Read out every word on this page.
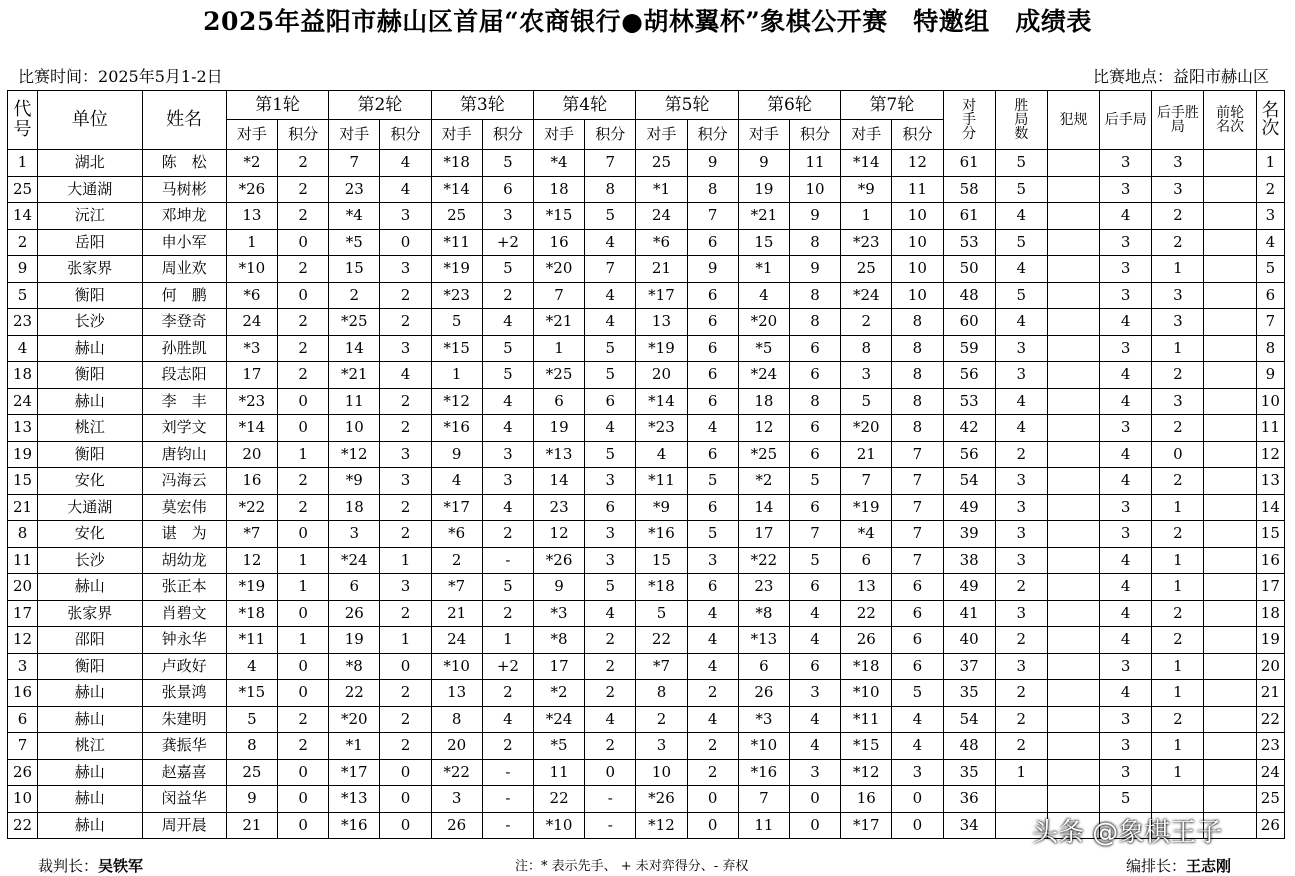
2025年益阳市赫山区首届“农商银行●胡林翼杯”象棋公开赛　特邀组　成绩表
比赛时间：2025年5月1-2日	比赛地点：益阳市赫山区
代
号	单位	姓名	第1轮		第2轮		第3轮		第4轮		第5轮		第6轮		第7轮		对
手
分	胜
局
数	犯规	后手局	后手胜
局	前轮
名次	名
次
			对手	积分	对手	积分	对手	积分	对手	积分	对手	积分	对手	积分	对手	积分							
1	湖北	陈　松	*2	2	7	4	*18	5	*4	7	25	9	9	11	*14	12	61	5		3	3		1
25	大通湖	马树彬	*26	2	23	4	*14	6	18	8	*1	8	19	10	*9	11	58	5		3	3		2
14	沅江	邓坤龙	13	2	*4	3	25	3	*15	5	24	7	*21	9	1	10	61	4		4	2		3
2	岳阳	申小军	1	0	*5	0	*11	+2	16	4	*6	6	15	8	*23	10	53	5		3	2		4
9	张家界	周业欢	*10	2	15	3	*19	5	*20	7	21	9	*1	9	25	10	50	4		3	1		5
5	衡阳	何　鹏	*6	0	2	2	*23	2	7	4	*17	6	4	8	*24	10	48	5		3	3		6
23	长沙	李登奇	24	2	*25	2	5	4	*21	4	13	6	*20	8	2	8	60	4		4	3		7
4	赫山	孙胜凯	*3	2	14	3	*15	5	1	5	*19	6	*5	6	8	8	59	3		3	1		8
18	衡阳	段志阳	17	2	*21	4	1	5	*25	5	20	6	*24	6	3	8	56	3		4	2		9
24	赫山	李　丰	*23	0	11	2	*12	4	6	6	*14	6	18	8	5	8	53	4		4	3		10
13	桃江	刘学文	*14	0	10	2	*16	4	19	4	*23	4	12	6	*20	8	42	4		3	2		11
19	衡阳	唐钧山	20	1	*12	3	9	3	*13	5	4	6	*25	6	21	7	56	2		4	0		12
15	安化	冯海云	16	2	*9	3	4	3	14	3	*11	5	*2	5	7	7	54	3		4	2		13
21	大通湖	莫宏伟	*22	2	18	2	*17	4	23	6	*9	6	14	6	*19	7	49	3		3	1		14
8	安化	谌　为	*7	0	3	2	*6	2	12	3	*16	5	17	7	*4	7	39	3		3	2		15
11	长沙	胡幼龙	12	1	*24	1	2	-	*26	3	15	3	*22	5	6	7	38	3		4	1		16
20	赫山	张正本	*19	1	6	3	*7	5	9	5	*18	6	23	6	13	6	49	2		4	1		17
17	张家界	肖碧文	*18	0	26	2	21	2	*3	4	5	4	*8	4	22	6	41	3		4	2		18
12	邵阳	钟永华	*11	1	19	1	24	1	*8	2	22	4	*13	4	26	6	40	2		4	2		19
3	衡阳	卢政好	4	0	*8	0	*10	+2	17	2	*7	4	6	6	*18	6	37	3		3	1		20
16	赫山	张景鸿	*15	0	22	2	13	2	*2	2	8	2	26	3	*10	5	35	2		4	1		21
6	赫山	朱建明	5	2	*20	2	8	4	*24	4	2	4	*3	4	*11	4	54	2		3	2		22
7	桃江	龚振华	8	2	*1	2	20	2	*5	2	3	2	*10	4	*15	4	48	2		3	1		23
26	赫山	赵嘉喜	25	0	*17	0	*22	-	11	0	10	2	*16	3	*12	3	35	1		3	1		24
10	赫山	闵益华	9	0	*13	0	3	-	22	-	*26	0	7	0	16	0	36			5			25
22	赫山	周开晨	21	0	*16	0	26	-	*10	-	*12	0	11	0	*17	0	34						26
裁判长：吴铁军	注：* 表示先手、 + 未对弈得分、- 弃权	编排长：王志刚
头条 @象棋王子
